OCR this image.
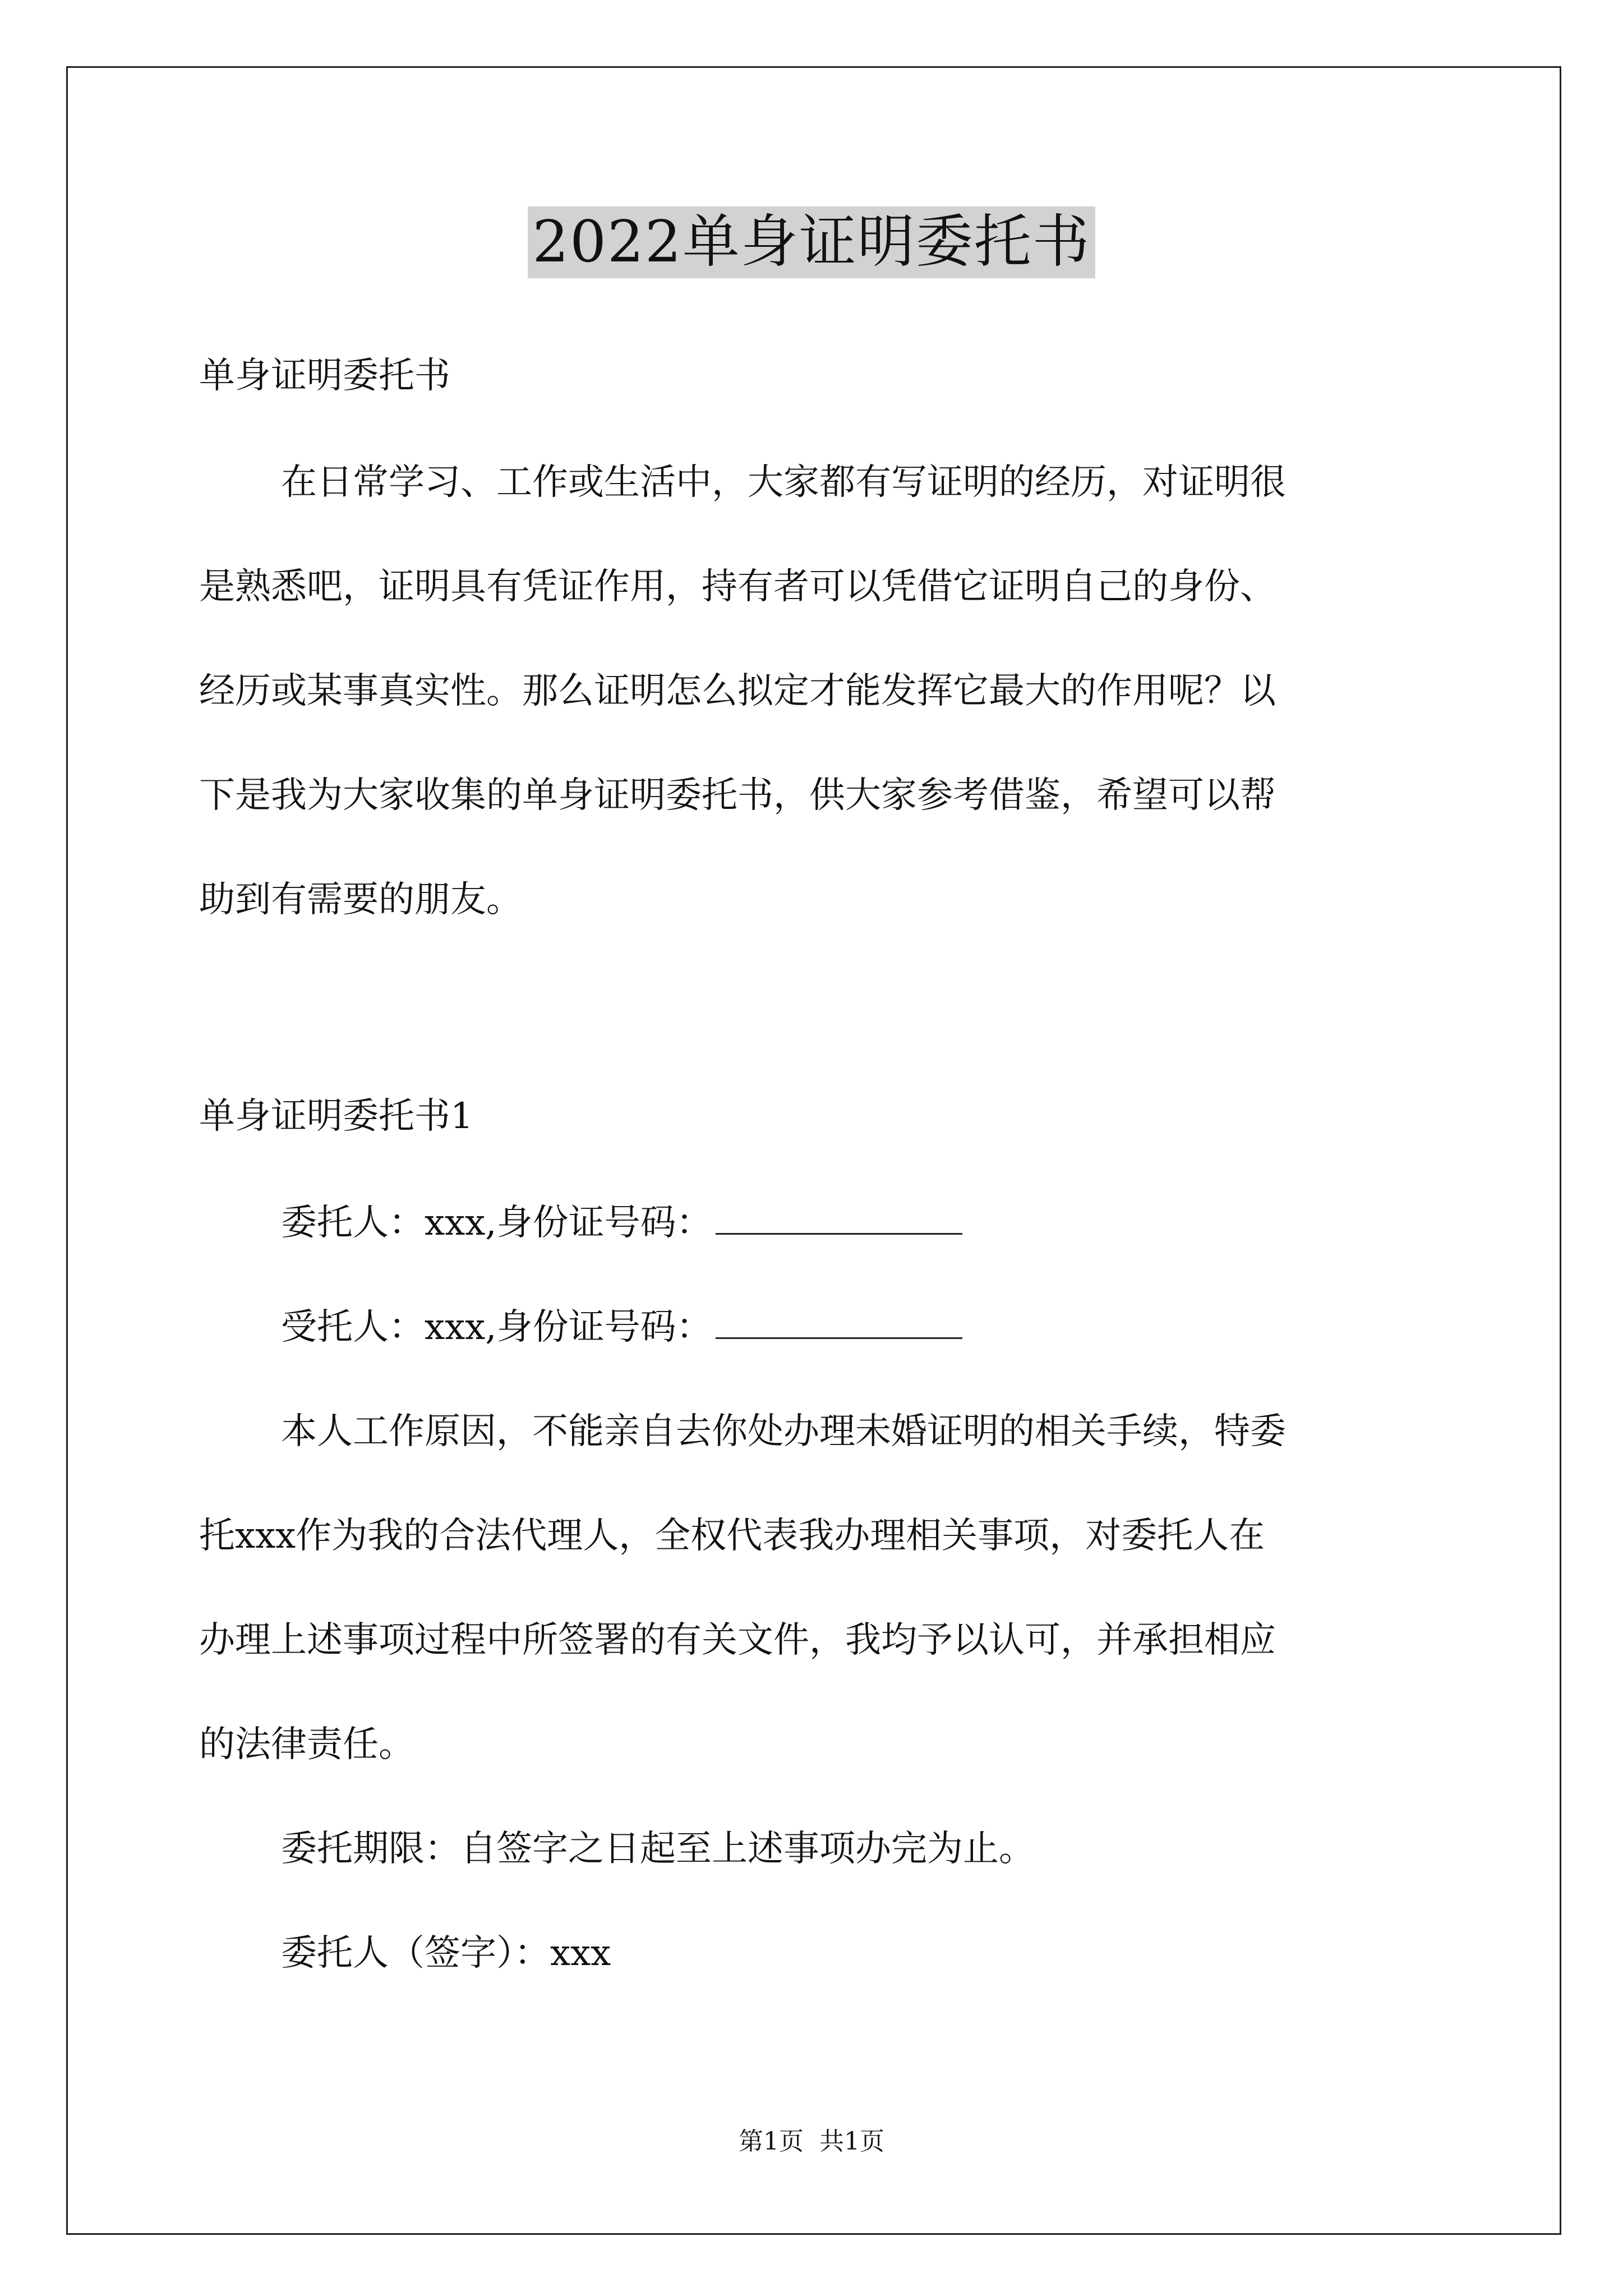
2022单身证明委托书
单身证明委托书
在日常学习、工作或生活中，大家都有写证明的经历，对证明很
是熟悉吧，证明具有凭证作用，持有者可以凭借它证明自己的身份、
经历或某事真实性。那么证明怎么拟定才能发挥它最大的作用呢？以
下是我为大家收集的单身证明委托书，供大家参考借鉴，希望可以帮
助到有需要的朋友。
单身证明委托书1
委托人：xxx,身份证号码：
受托人：xxx,身份证号码：
本人工作原因，不能亲自去你处办理未婚证明的相关手续，特委
托xxx作为我的合法代理人，全权代表我办理相关事项，对委托人在
办理上述事项过程中所签署的有关文件，我均予以认可，并承担相应
的法律责任。
委托期限：自签字之日起至上述事项办完为止。
委托人（签字）：xxx
第1页 共1页
